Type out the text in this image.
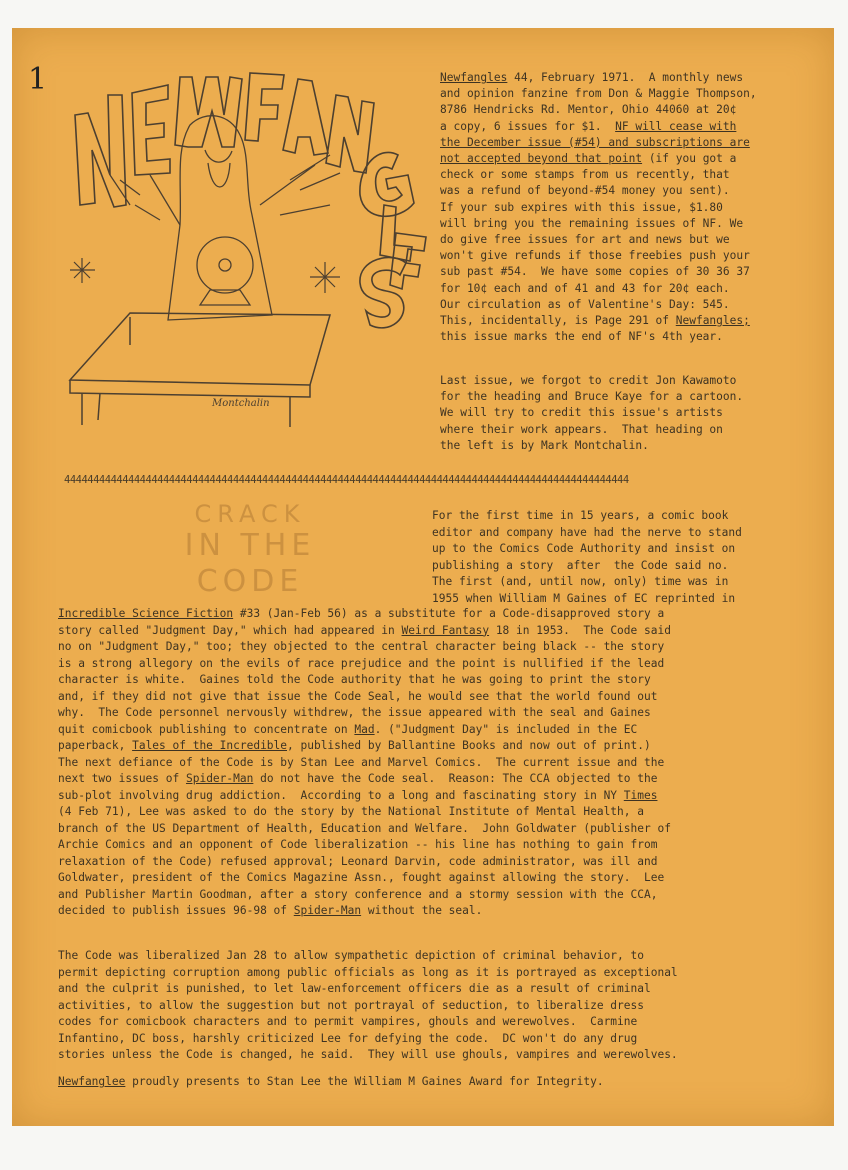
1
Montchalin
Newfangles 44, February 1971.  A monthly news
and opinion fanzine from Don & Maggie Thompson,
8786 Hendricks Rd. Mentor, Ohio 44060 at 20¢
a copy, 6 issues for $1.  NF will cease with
the December issue (#54) and subscriptions are
not accepted beyond that point (if you got a
check or some stamps from us recently, that
was a refund of beyond-#54 money you sent).
If your sub expires with this issue, $1.80
will bring you the remaining issues of NF. We
do give free issues for art and news but we
won't give refunds if those freebies push your
sub past #54.  We have some copies of 30 36 37
for 10¢ each and of 41 and 43 for 20¢ each.
Our circulation as of Valentine's Day: 545.
This, incidentally, is Page 291 of Newfangles;
this issue marks the end of NF's 4th year.
Last issue, we forgot to credit Jon Kawamoto
for the heading and Bruce Kaye for a cartoon.
We will try to credit this issue's artists
where their work appears.  That heading on
the left is by Mark Montchalin.
4444444444444444444444444444444444444444444444444444444444444444444444444444444444444444444444444
CRACK
IN THE CODE
For the first time in 15 years, a comic book
editor and company have had the nerve to stand
up to the Comics Code Authority and insist on
publishing a story  after  the Code said no.
The first (and, until now, only) time was in
1955 when William M Gaines of EC reprinted in
Incredible Science Fiction #33 (Jan-Feb 56) as a substitute for a Code-disapproved story a
story called "Judgment Day," which had appeared in Weird Fantasy 18 in 1953.  The Code said
no on "Judgment Day," too; they objected to the central character being black -- the story
is a strong allegory on the evils of race prejudice and the point is nullified if the lead
character is white.  Gaines told the Code authority that he was going to print the story
and, if they did not give that issue the Code Seal, he would see that the world found out
why.  The Code personnel nervously withdrew, the issue appeared with the seal and Gaines
quit comicbook publishing to concentrate on Mad. ("Judgment Day" is included in the EC
paperback, Tales of the Incredible, published by Ballantine Books and now out of print.)
The next defiance of the Code is by Stan Lee and Marvel Comics.  The current issue and the
next two issues of Spider-Man do not have the Code seal.  Reason: The CCA objected to the
sub-plot involving drug addiction.  According to a long and fascinating story in NY Times
(4 Feb 71), Lee was asked to do the story by the National Institute of Mental Health, a
branch of the US Department of Health, Education and Welfare.  John Goldwater (publisher of
Archie Comics and an opponent of Code liberalization -- his line has nothing to gain from
relaxation of the Code) refused approval; Leonard Darvin, code administrator, was ill and
Goldwater, president of the Comics Magazine Assn., fought against allowing the story.  Lee
and Publisher Martin Goodman, after a story conference and a stormy session with the CCA,
decided to publish issues 96-98 of Spider-Man without the seal.
The Code was liberalized Jan 28 to allow sympathetic depiction of criminal behavior, to
permit depicting corruption among public officials as long as it is portrayed as exceptional
and the culprit is punished, to let law-enforcement officers die as a result of criminal
activities, to allow the suggestion but not portrayal of seduction, to liberalize dress
codes for comicbook characters and to permit vampires, ghouls and werewolves.  Carmine
Infantino, DC boss, harshly criticized Lee for defying the code.  DC won't do any drug
stories unless the Code is changed, he said.  They will use ghouls, vampires and werewolves.
Newfanglee proudly presents to Stan Lee the William M Gaines Award for Integrity.
